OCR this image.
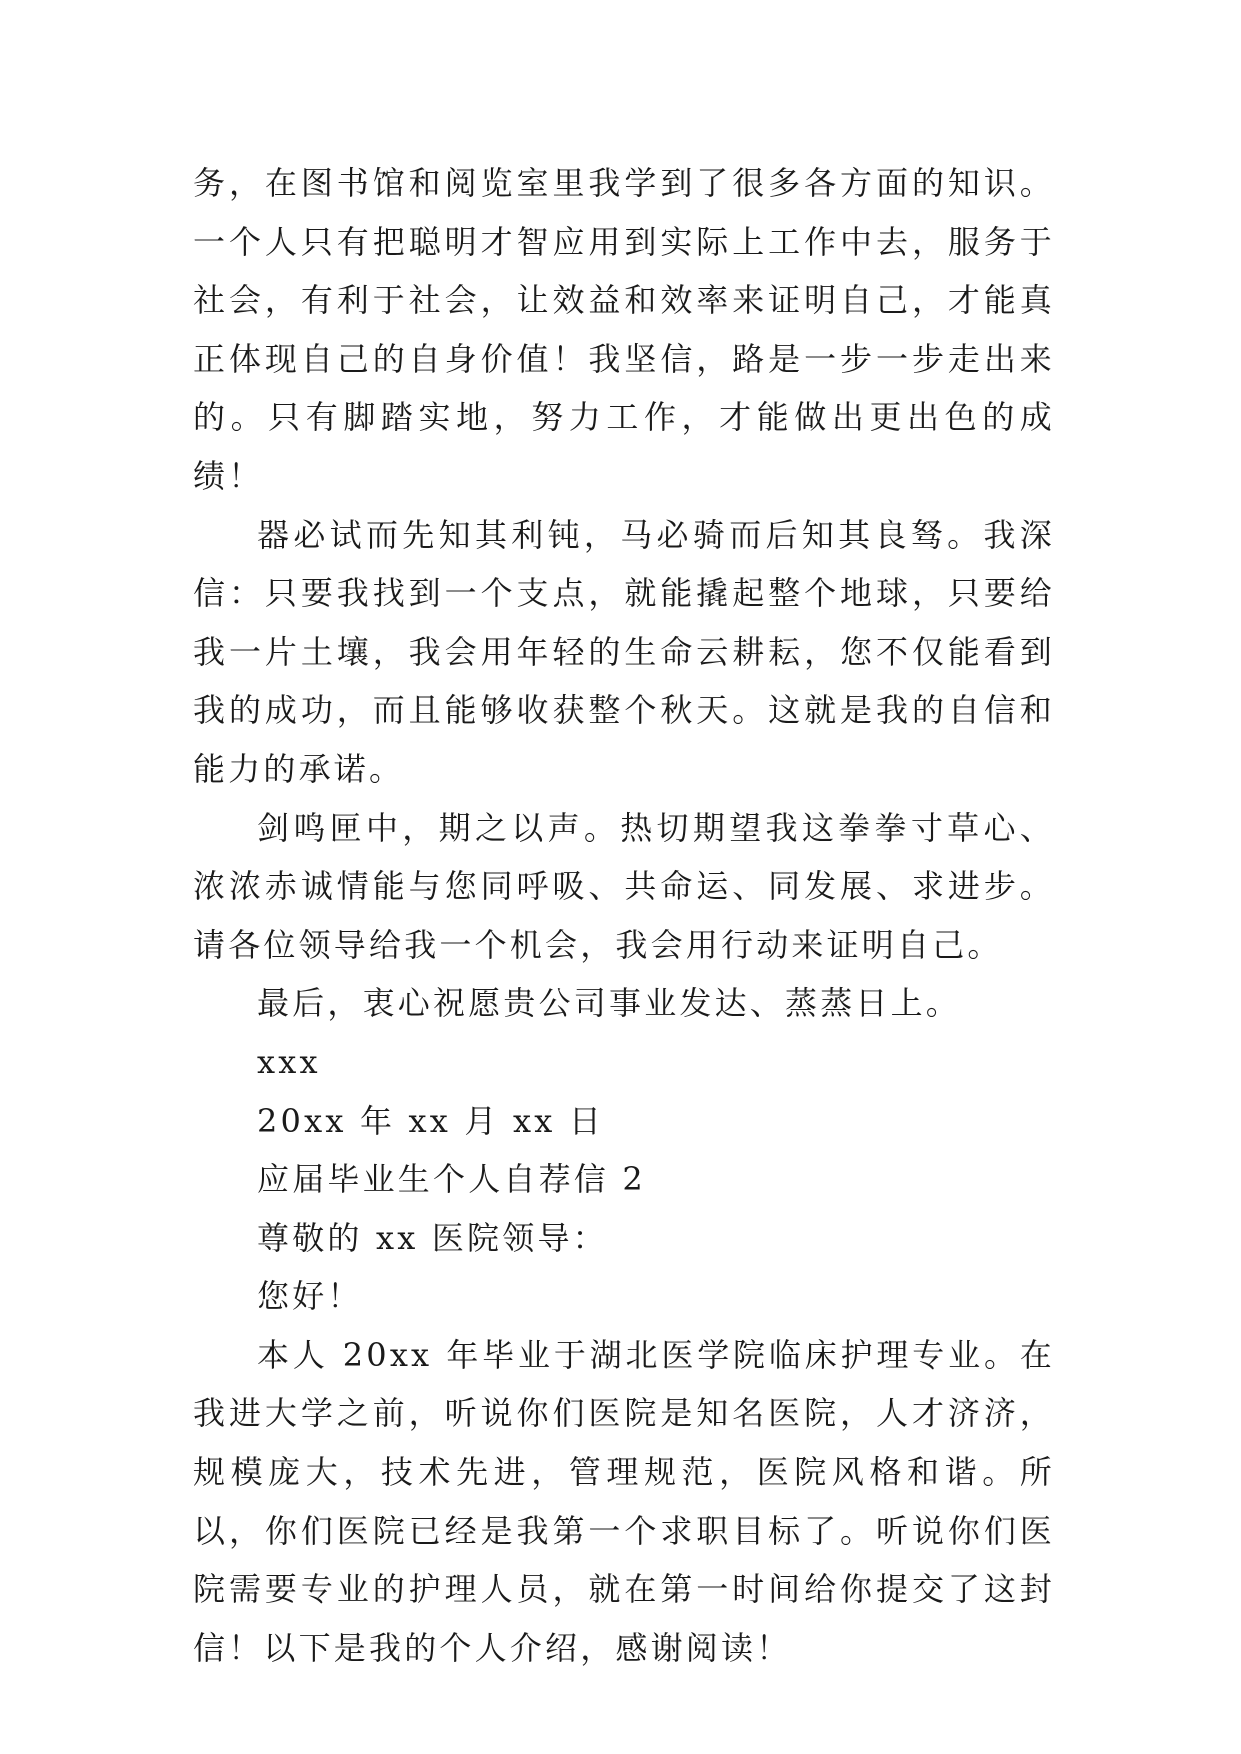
务，在图书馆和阅览室里我学到了很多各方面的知识。一个人只有把聪明才智应用到实际上工作中去，服务于社会，有利于社会，让效益和效率来证明自己，才能真正体现自己的自身价值！我坚信，路是一步一步走出来的。只有脚踏实地，努力工作，才能做出更出色的成绩！

器必试而先知其利钝，马必骑而后知其良驽。我深信：只要我找到一个支点，就能撬起整个地球，只要给我一片土壤，我会用年轻的生命云耕耘，您不仅能看到我的成功，而且能够收获整个秋天。这就是我的自信和能力的承诺。

剑鸣匣中，期之以声。热切期望我这拳拳寸草心、浓浓赤诚情能与您同呼吸、共命运、同发展、求进步。请各位领导给我一个机会，我会用行动来证明自己。

最后，衷心祝愿贵公司事业发达、蒸蒸日上。

xxx

20xx 年 xx 月 xx 日

应届毕业生个人自荐信 2

尊敬的 xx 医院领导：

您好！

本人 20xx 年毕业于湖北医学院临床护理专业。在我进大学之前，听说你们医院是知名医院，人才济济，规模庞大，技术先进，管理规范，医院风格和谐。所以，你们医院已经是我第一个求职目标了。听说你们医院需要专业的护理人员，就在第一时间给你提交了这封信！以下是我的个人介绍，感谢阅读！
